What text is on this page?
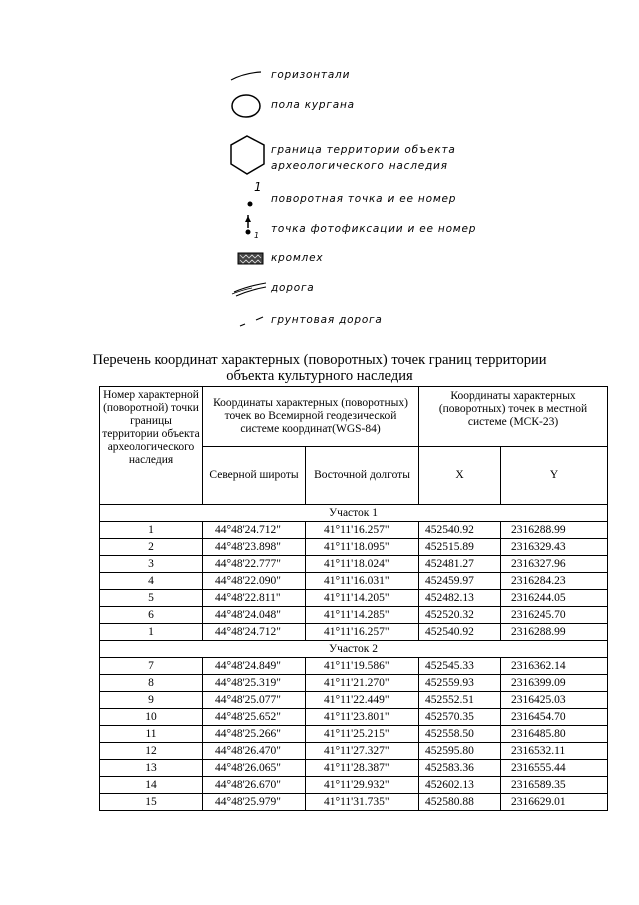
горизонтали
пола кургана
граница территории объекта
археологического наследия
1
поворотная точка и ее номер
1
точка фотофиксации и ее номер
кромлех
дорога
грунтовая дорога
Перечень координат характерных (поворотных) точек границ территории
объекта культурного наследия
Номер характерной (поворотной) точки границы территории объекта археологического наследия	Координаты характерных (поворотных) точек во Всемирной геодезической системе координат(WGS-84)		Координаты характерных (поворотных) точек в местной системе (МСК-23)	
	Северной широты	Восточной долготы	X	Y
Участок 1				
1	44°48'24.712"	41°11'16.257"	452540.92	2316288.99
2	44°48'23.898"	41°11'18.095"	452515.89	2316329.43
3	44°48'22.777"	41°11'18.024"	452481.27	2316327.96
4	44°48'22.090"	41°11'16.031"	452459.97	2316284.23
5	44°48'22.811"	41°11'14.205"	452482.13	2316244.05
6	44°48'24.048"	41°11'14.285"	452520.32	2316245.70
1	44°48'24.712"	41°11'16.257"	452540.92	2316288.99
Участок 2				
7	44°48'24.849"	41°11'19.586"	452545.33	2316362.14
8	44°48'25.319"	41°11'21.270"	452559.93	2316399.09
9	44°48'25.077"	41°11'22.449"	452552.51	2316425.03
10	44°48'25.652"	41°11'23.801"	452570.35	2316454.70
11	44°48'25.266"	41°11'25.215"	452558.50	2316485.80
12	44°48'26.470"	41°11'27.327"	452595.80	2316532.11
13	44°48'26.065"	41°11'28.387"	452583.36	2316555.44
14	44°48'26.670"	41°11'29.932"	452602.13	2316589.35
15	44°48'25.979"	41°11'31.735"	452580.88	2316629.01
